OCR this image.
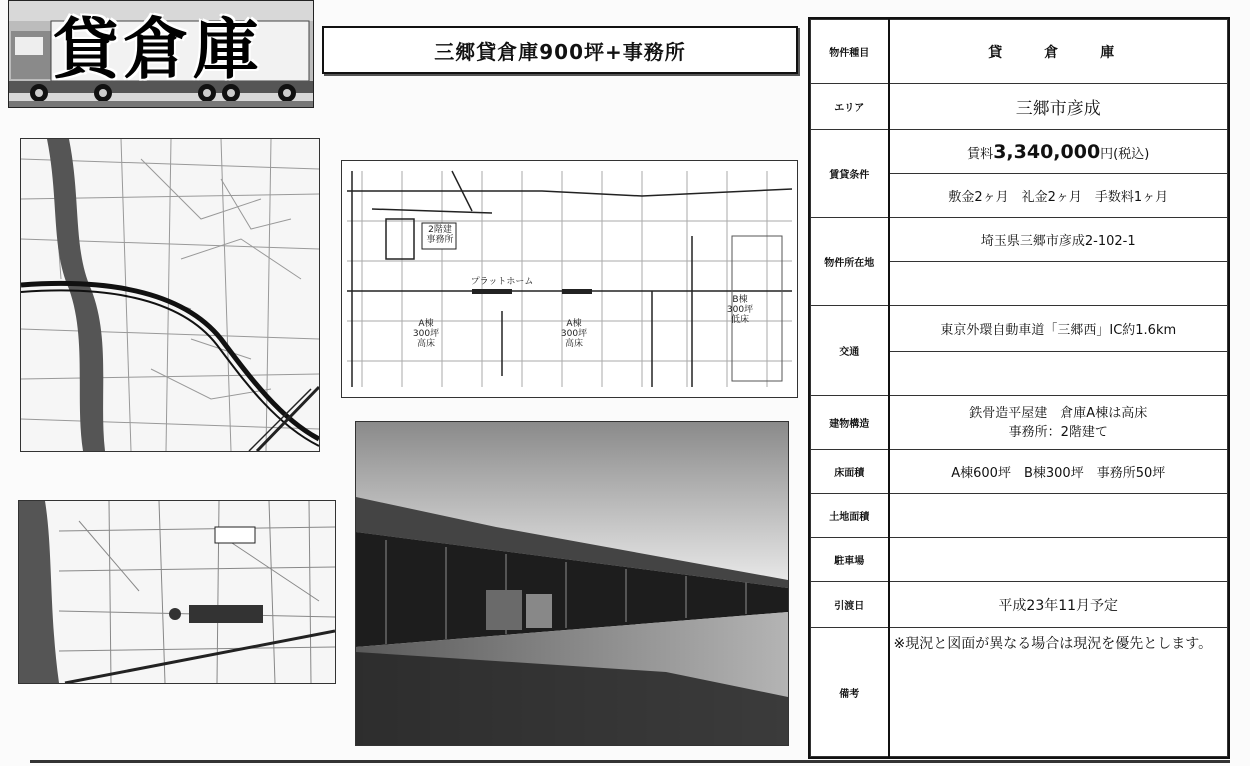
貸倉庫	三郷貸倉庫900坪+事務所
2階建
事務所
プラットホーム
A棟
300坪
高床
A棟
300坪
高床
B棟
300坪
低床
物件種目	貸　倉　庫
エリア	三郷市彦成
賃貸条件	賃料3,340,000円(税込)
	敷金2ヶ月　礼金2ヶ月　手数料1ヶ月
物件所在地	埼玉県三郷市彦成2-102-1

交通	東京外環自動車道「三郷西」IC約1.6km

建物構造	鉄骨造平屋建　倉庫A棟は高床
事務所：2階建て

床面積	A棟600坪　B棟300坪　事務所50坪
土地面積	
駐車場	
引渡日	平成23年11月予定
備考	※現況と図面が異なる場合は現況を優先とします。
